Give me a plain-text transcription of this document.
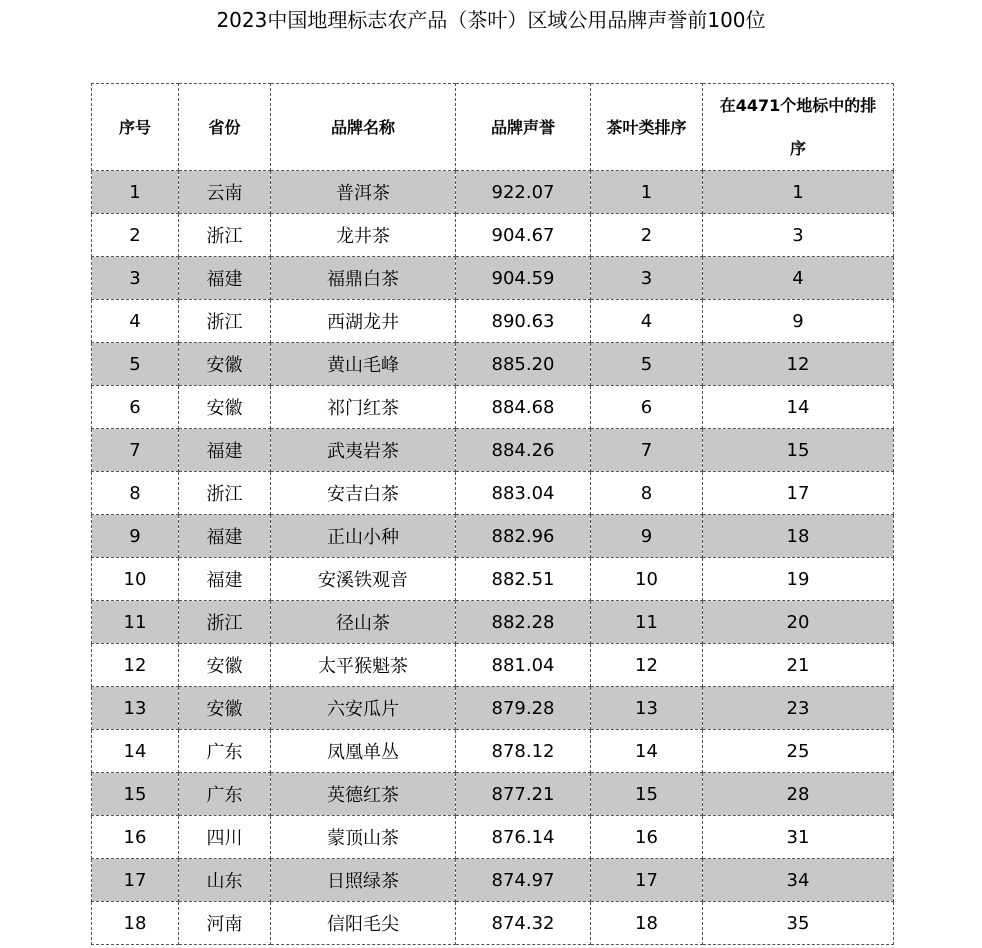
2023中国地理标志农产品（茶叶）区域公用品牌声誉前100位
序号	省份	品牌名称	品牌声誉	茶叶类排序	在4471个地标中的排序
1	云南	普洱茶	922.07	1	1
2	浙江	龙井茶	904.67	2	3
3	福建	福鼎白茶	904.59	3	4
4	浙江	西湖龙井	890.63	4	9
5	安徽	黄山毛峰	885.20	5	12
6	安徽	祁门红茶	884.68	6	14
7	福建	武夷岩茶	884.26	7	15
8	浙江	安吉白茶	883.04	8	17
9	福建	正山小种	882.96	9	18
10	福建	安溪铁观音	882.51	10	19
11	浙江	径山茶	882.28	11	20
12	安徽	太平猴魁茶	881.04	12	21
13	安徽	六安瓜片	879.28	13	23
14	广东	凤凰单丛	878.12	14	25
15	广东	英德红茶	877.21	15	28
16	四川	蒙顶山茶	876.14	16	31
17	山东	日照绿茶	874.97	17	34
18	河南	信阳毛尖	874.32	18	35
